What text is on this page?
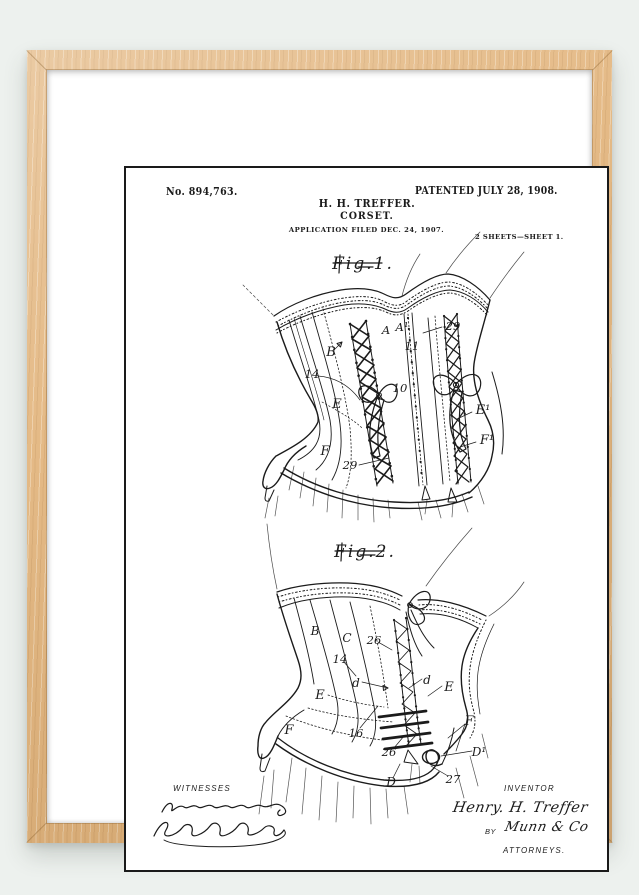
No. 894,763.	PATENTED JULY 28, 1908.
H. H. TREFFER.
CORSET.
APPLICATION FILED DEC. 24, 1907.
2 SHEETS—SHEET 1.
Fig.1.
Fig.2.
29
B
14
A A¹
11
10
E	E¹
F¹
F
29
B C 26
14
d	d E
E
F
F
16
26
D
D¹
27
WITNESSES	INVENTOR
Henry. H. Treffer
BY Munn & Co
ATTORNEYS.
